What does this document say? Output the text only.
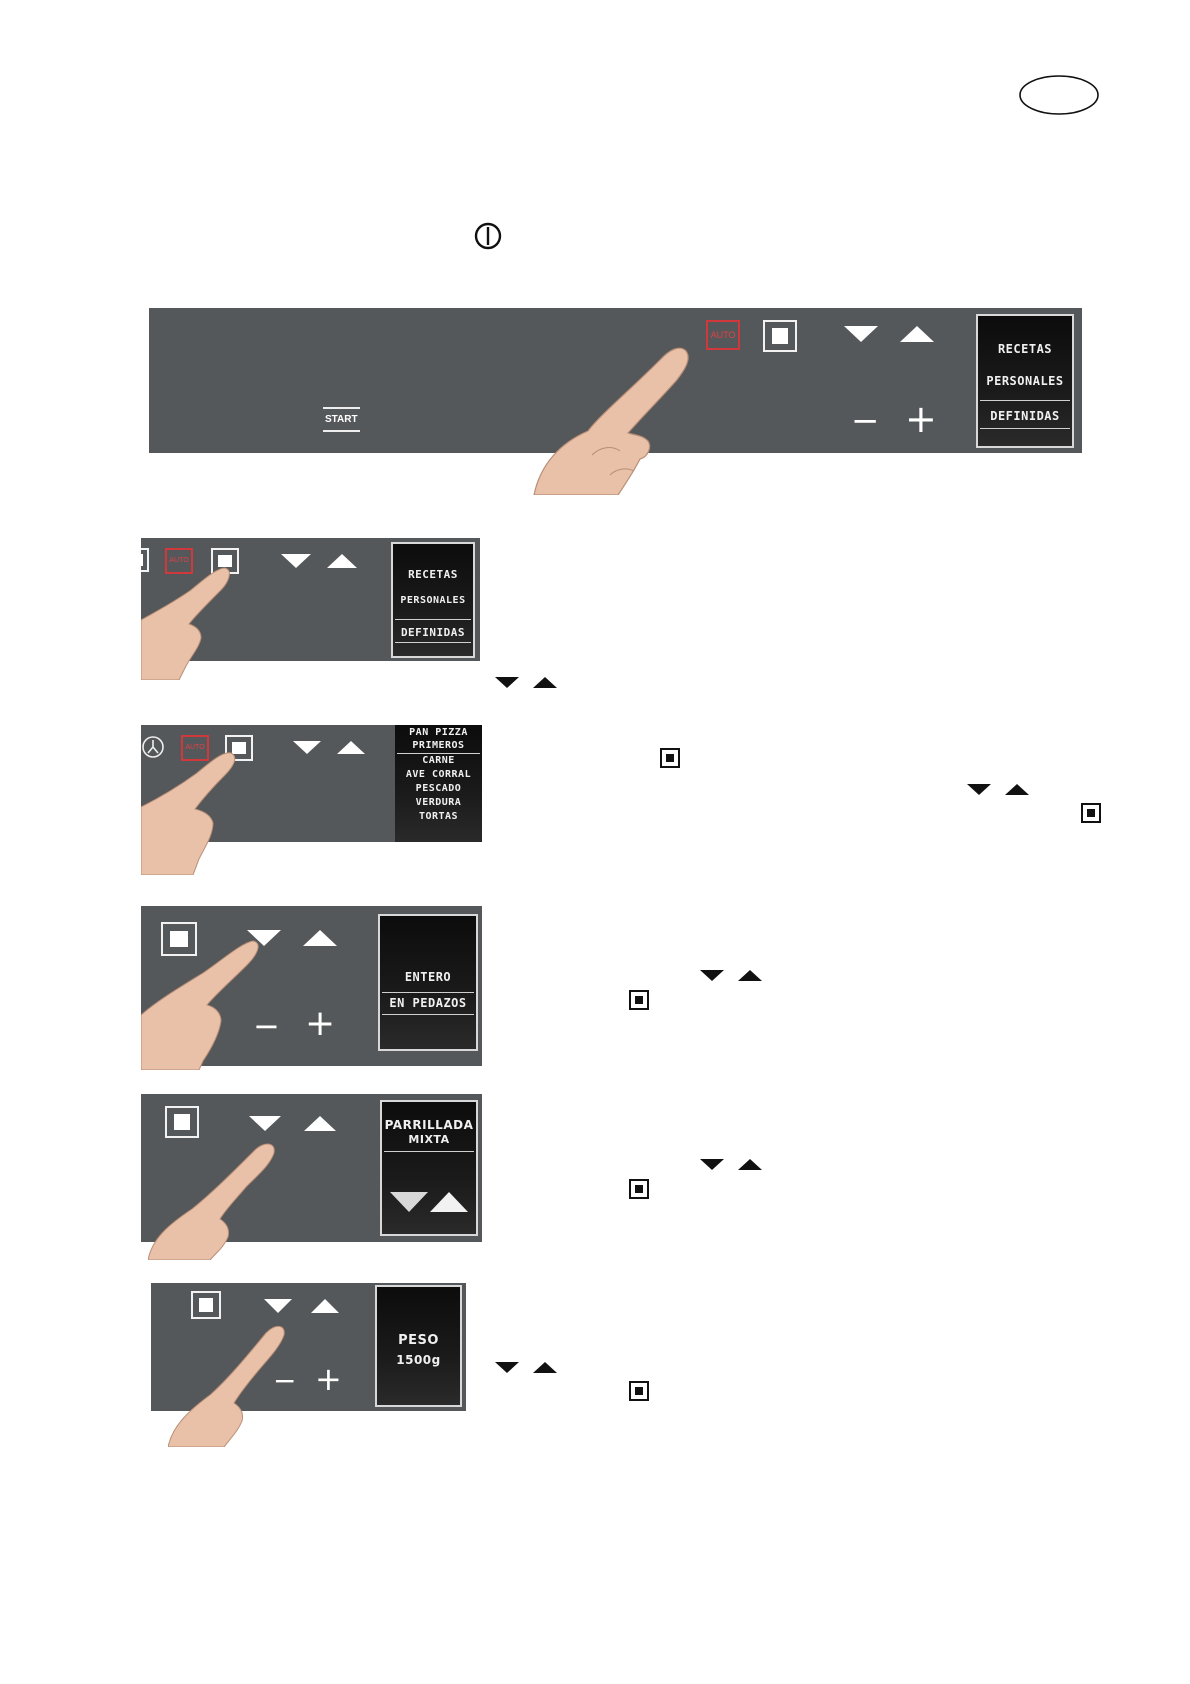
AUTO
− +
START
RECETAS
PERSONALES
DEFINIDAS
AUTO
RECETAS
PERSONALES
DEFINIDAS
AUTO
PAN PIZZA
PRIMEROS
CARNE
AVE CORRAL
PESCADO
VERDURA
TORTAS
− +
ENTERO
EN PEDAZOS
PARRILLADA
MIXTA
− +
PESO
1500g
